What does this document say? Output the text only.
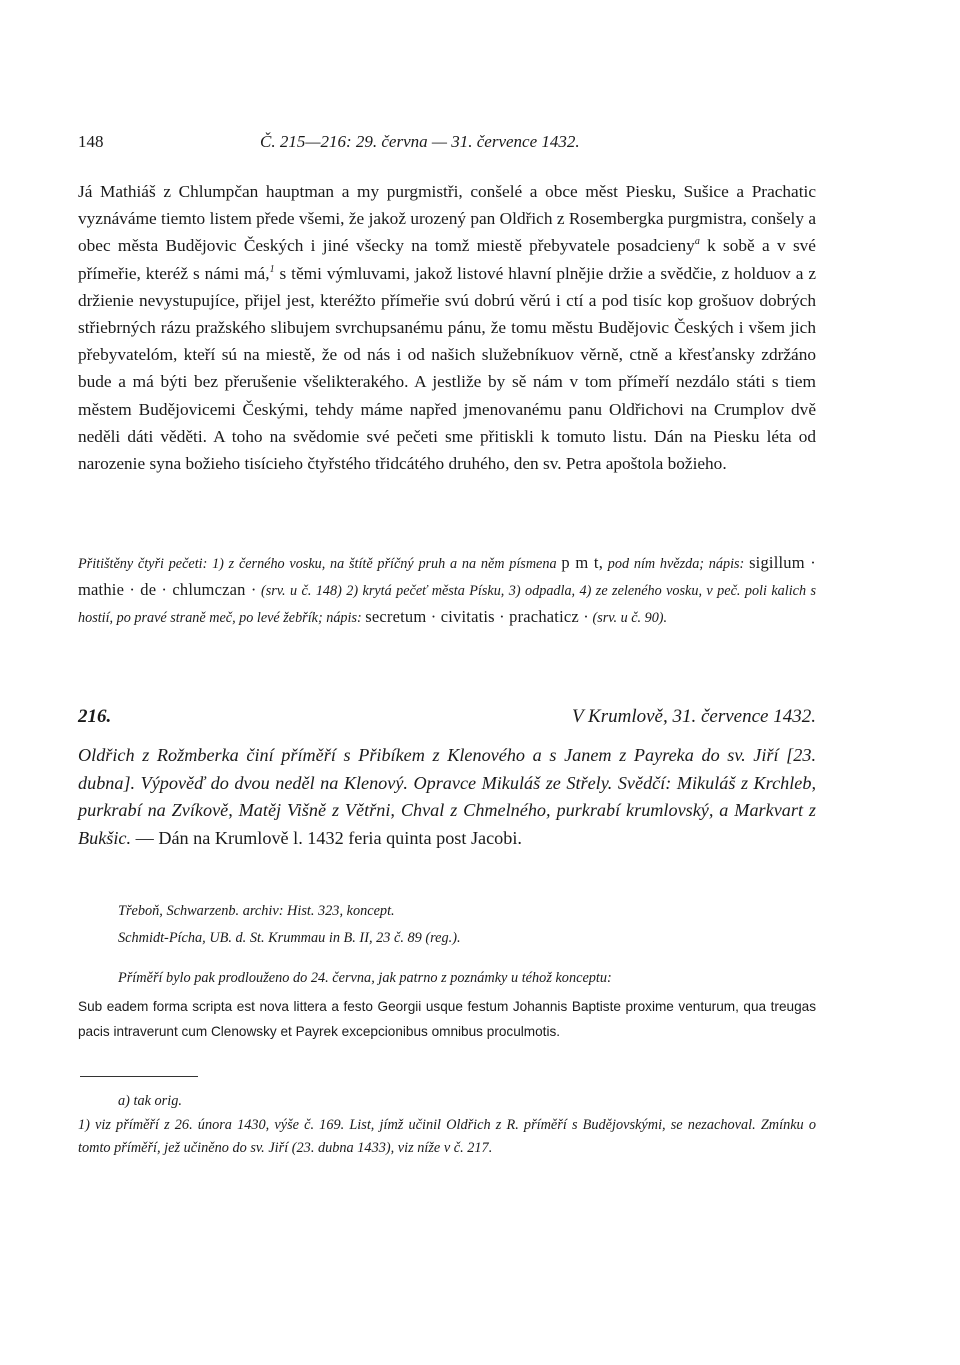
148	Č. 215—216: 29. června — 31. července 1432.

Já Mathiáš z Chlumpčan hauptman a my purgmistři, conšelé a obce měst Piesku, Sušice a Prachatic vyznáváme tiemto listem přede všemi, že jakož urozený pan Oldřich z Rosembergka purgmistra, conšely a obec města Budějovic Českých i jiné všecky na tomž miestě přebyvatele posadcieny$^a$ k sobě a v své přímeřie, kteréž s námi má,$^1$ s těmi výmluvami, jakož listové hlavní plnějie držie a svědčie, z holduov a z držienie nevystupujíce, přijel jest, kteréžto přímeřie svú dobrú věrú i ctí a pod tisíc kop grošuov dobrých střiebrných rázu pražského slibujem svrchupsanému pánu, že tomu městu Budějovic Českých i všem jich přebyvatelóm, kteří sú na miestě, že od nás i od našich služebníkuov věrně, ctně a křesťansky zdržáno bude a má býti bez přerušenie všelikterakého. A jestliže by sě nám v tom přímeří nezdálo státi s tiem městem Budějovicemi Českými, tehdy máme napřed jmenovanému panu Oldřichovi na Crumplov dvě neděli dáti věděti. A toho na svědomie své pečeti sme přitiskli k tomuto listu. Dán na Piesku léta od narozenie syna božieho tisícieho čtyřstého třidcátého druhého, den sv. Petra apoštola božieho.

Přitištěny čtyři pečeti: 1) z černého vosku, na štítě příčný pruh a na něm písmena p m t, pod ním hvězda; nápis: sigillum · mathie · de · chlumczan · (srv. u č. 148) 2) krytá pečeť města Písku, 3) odpadla, 4) ze zeleného vosku, v peč. poli kalich s hostií, po pravé straně meč, po levé žebřík; nápis: secretum · civitatis · prachaticz · (srv. u č. 90).

216.	V Krumlově, 31. července 1432.

Oldřich z Rožmberka činí příměří s Přibíkem z Klenového a s Janem z Payreka do sv. Jiří [23. dubna]. Výpověď do dvou neděl na Klenový. Opravce Mikuláš ze Střely. Svědčí: Mikuláš z Krchleb, purkrabí na Zvíkově, Matěj Višně z Větřni, Chval z Chmelného, purkrabí krumlovský, a Markvart z Bukšic. — Dán na Krumlově l. 1432 feria quinta post Jacobi.

Třeboň, Schwarzenb. archiv: Hist. 323, koncept.
Schmidt-Pícha, UB. d. St. Krummau in B. II, 23 č. 89 (reg.).

Příměří bylo pak prodlouženo do 24. června, jak patrno z poznámky u téhož konceptu:

Sub eadem forma scripta est nova littera a festo Georgii usque festum Johannis Baptiste proxime venturum, qua treugas pacis intraverunt cum Clenowsky et Payrek excepcionibus omnibus proculmotis.

a) tak orig.

1) viz příměří z 26. února 1430, výše č. 169. List, jímž učinil Oldřich z R. příměří s Budějovskými, se nezachoval. Zmínku o tomto příměří, jež učiněno do sv. Jiří (23. dubna 1433), viz níže v č. 217.
